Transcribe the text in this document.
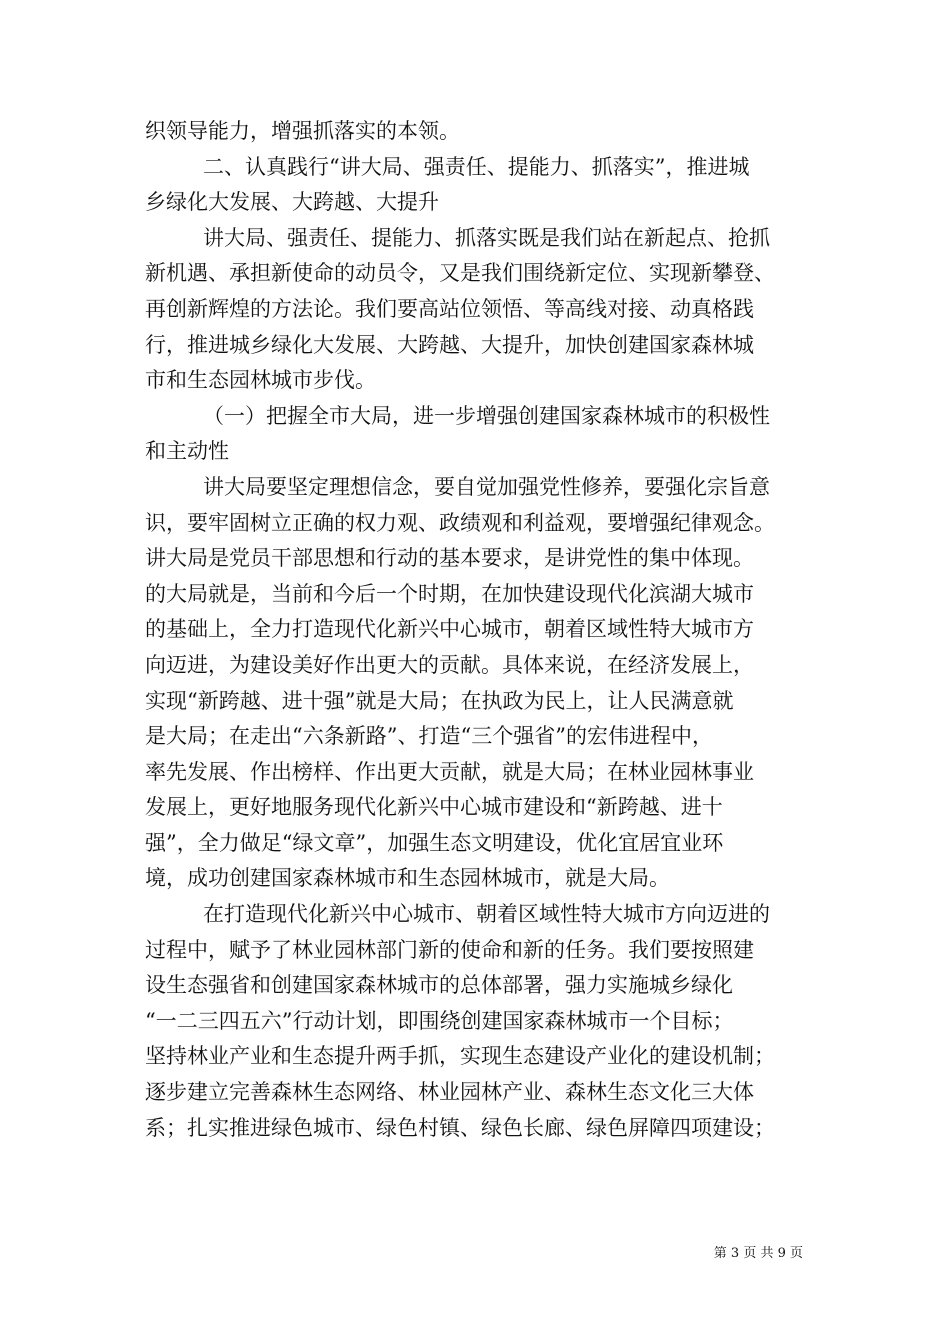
织领导能力，增强抓落实的本领。
二、认真践行“讲大局、强责任、提能力、抓落实”，推进城
乡绿化大发展、大跨越、大提升
讲大局、强责任、提能力、抓落实既是我们站在新起点、抢抓
新机遇、承担新使命的动员令，又是我们围绕新定位、实现新攀登、
再创新辉煌的方法论。我们要高站位领悟、等高线对接、动真格践
行，推进城乡绿化大发展、大跨越、大提升，加快创建国家森林城
市和生态园林城市步伐。
（一）把握全市大局，进一步增强创建国家森林城市的积极性
和主动性
讲大局要坚定理想信念，要自觉加强党性修养，要强化宗旨意
识，要牢固树立正确的权力观、政绩观和利益观，要增强纪律观念。
讲大局是党员干部思想和行动的基本要求，是讲党性的集中体现。
的大局就是，当前和今后一个时期，在加快建设现代化滨湖大城市
的基础上，全力打造现代化新兴中心城市，朝着区域性特大城市方
向迈进，为建设美好作出更大的贡献。具体来说，在经济发展上，
实现“新跨越、进十强”就是大局；在执政为民上，让人民满意就
是大局；在走出“六条新路”、打造“三个强省”的宏伟进程中，
率先发展、作出榜样、作出更大贡献，就是大局；在林业园林事业
发展上，更好地服务现代化新兴中心城市建设和“新跨越、进十
强”，全力做足“绿文章”，加强生态文明建设，优化宜居宜业环
境，成功创建国家森林城市和生态园林城市，就是大局。
在打造现代化新兴中心城市、朝着区域性特大城市方向迈进的
过程中，赋予了林业园林部门新的使命和新的任务。我们要按照建
设生态强省和创建国家森林城市的总体部署，强力实施城乡绿化
“一二三四五六”行动计划，即围绕创建国家森林城市一个目标；
坚持林业产业和生态提升两手抓，实现生态建设产业化的建设机制；
逐步建立完善森林生态网络、林业园林产业、森林生态文化三大体
系；扎实推进绿色城市、绿色村镇、绿色长廊、绿色屏障四项建设；
第 3 页 共 9 页
